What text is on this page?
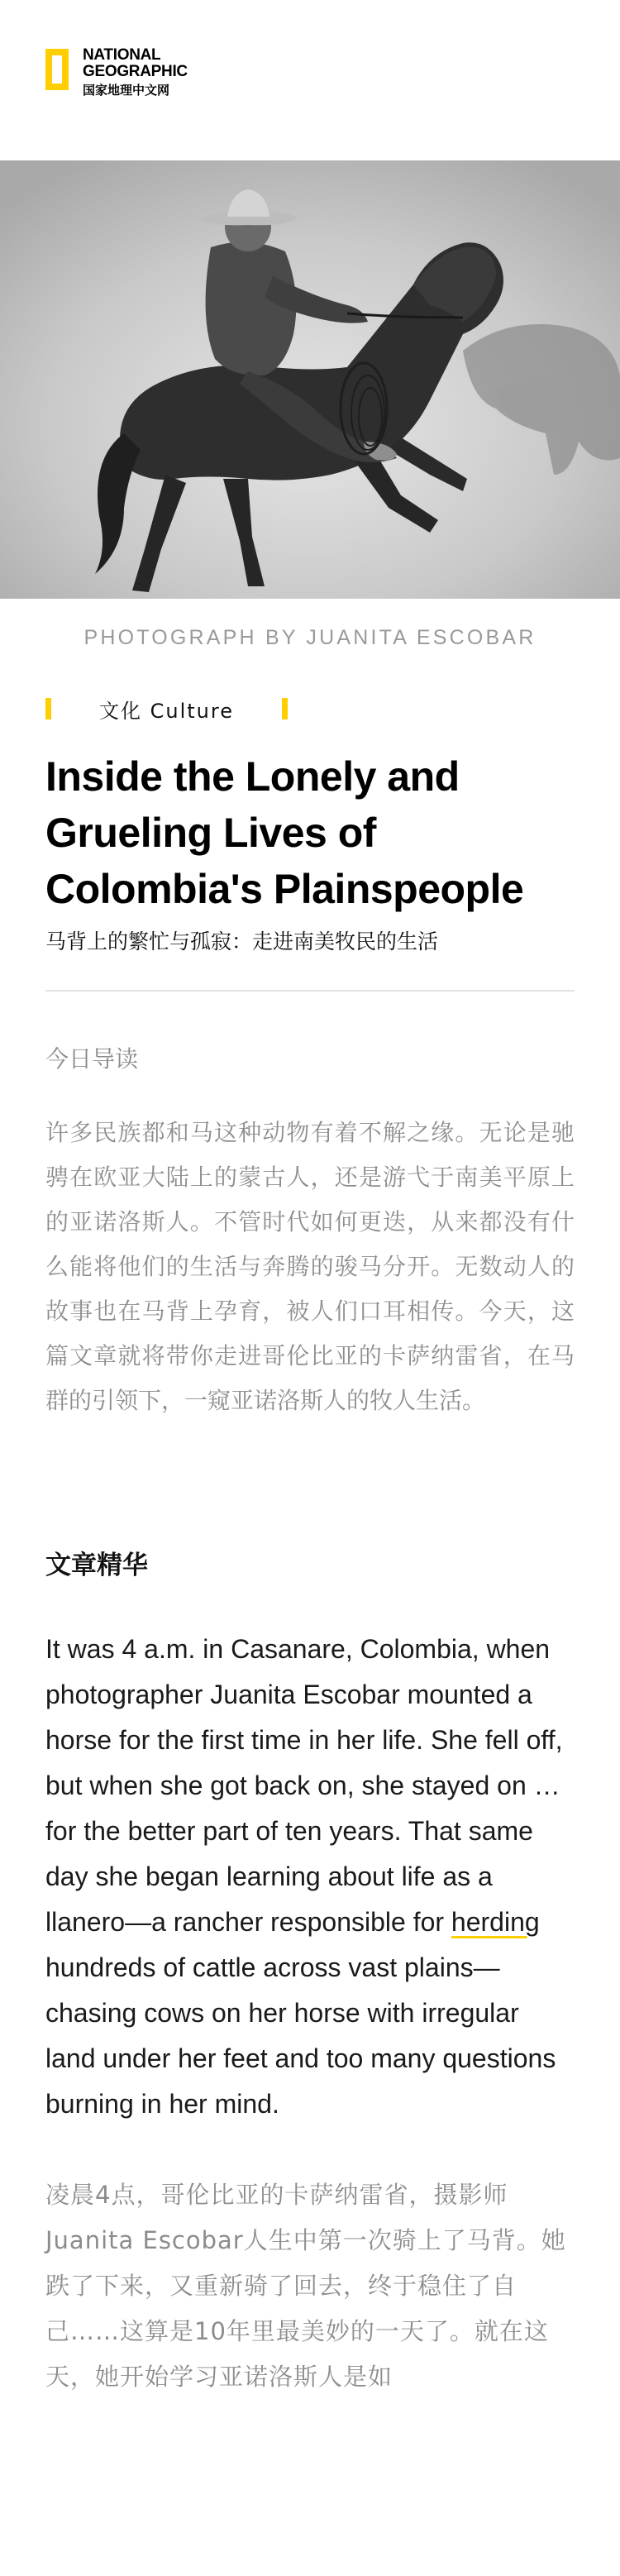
NATIONAL
GEOGRAPHIC
国家地理中文网
PHOTOGRAPH BY JUANITA ESCOBAR
文化 Culture
Inside the Lonely and Grueling Lives of Colombia's Plainspeople
马背上的繁忙与孤寂：走进南美牧民的生活
今日导读

许多民族都和马这种动物有着不解之缘。无论是驰骋在欧亚大陆上的蒙古人，还是游弋于南美平原上的亚诺洛斯人。不管时代如何更迭，从来都没有什么能将他们的生活与奔腾的骏马分开。无数动人的故事也在马背上孕育，被人们口耳相传。今天，这篇文章就将带你走进哥伦比亚的卡萨纳雷省，在马群的引领下，一窥亚诺洛斯人的牧人生活。

文章精华

It was 4 a.m. in Casanare, Colombia, when photographer Juanita Escobar mounted a horse for the first time in her life. She fell off, but when she got back on, she stayed on … for the better part of ten years. That same day she began learning about life as a llanero—a rancher responsible for herding hundreds of cattle across vast plains—chasing cows on her horse with irregular land under her feet and too many questions burning in her mind.

凌晨4点，哥伦比亚的卡萨纳雷省，摄影师Juanita Escobar人生中第一次骑上了马背。她跌了下来，又重新骑了回去，终于稳住了自己……这算是10年里最美妙的一天了。就在这天，她开始学习亚诺洛斯人是如
